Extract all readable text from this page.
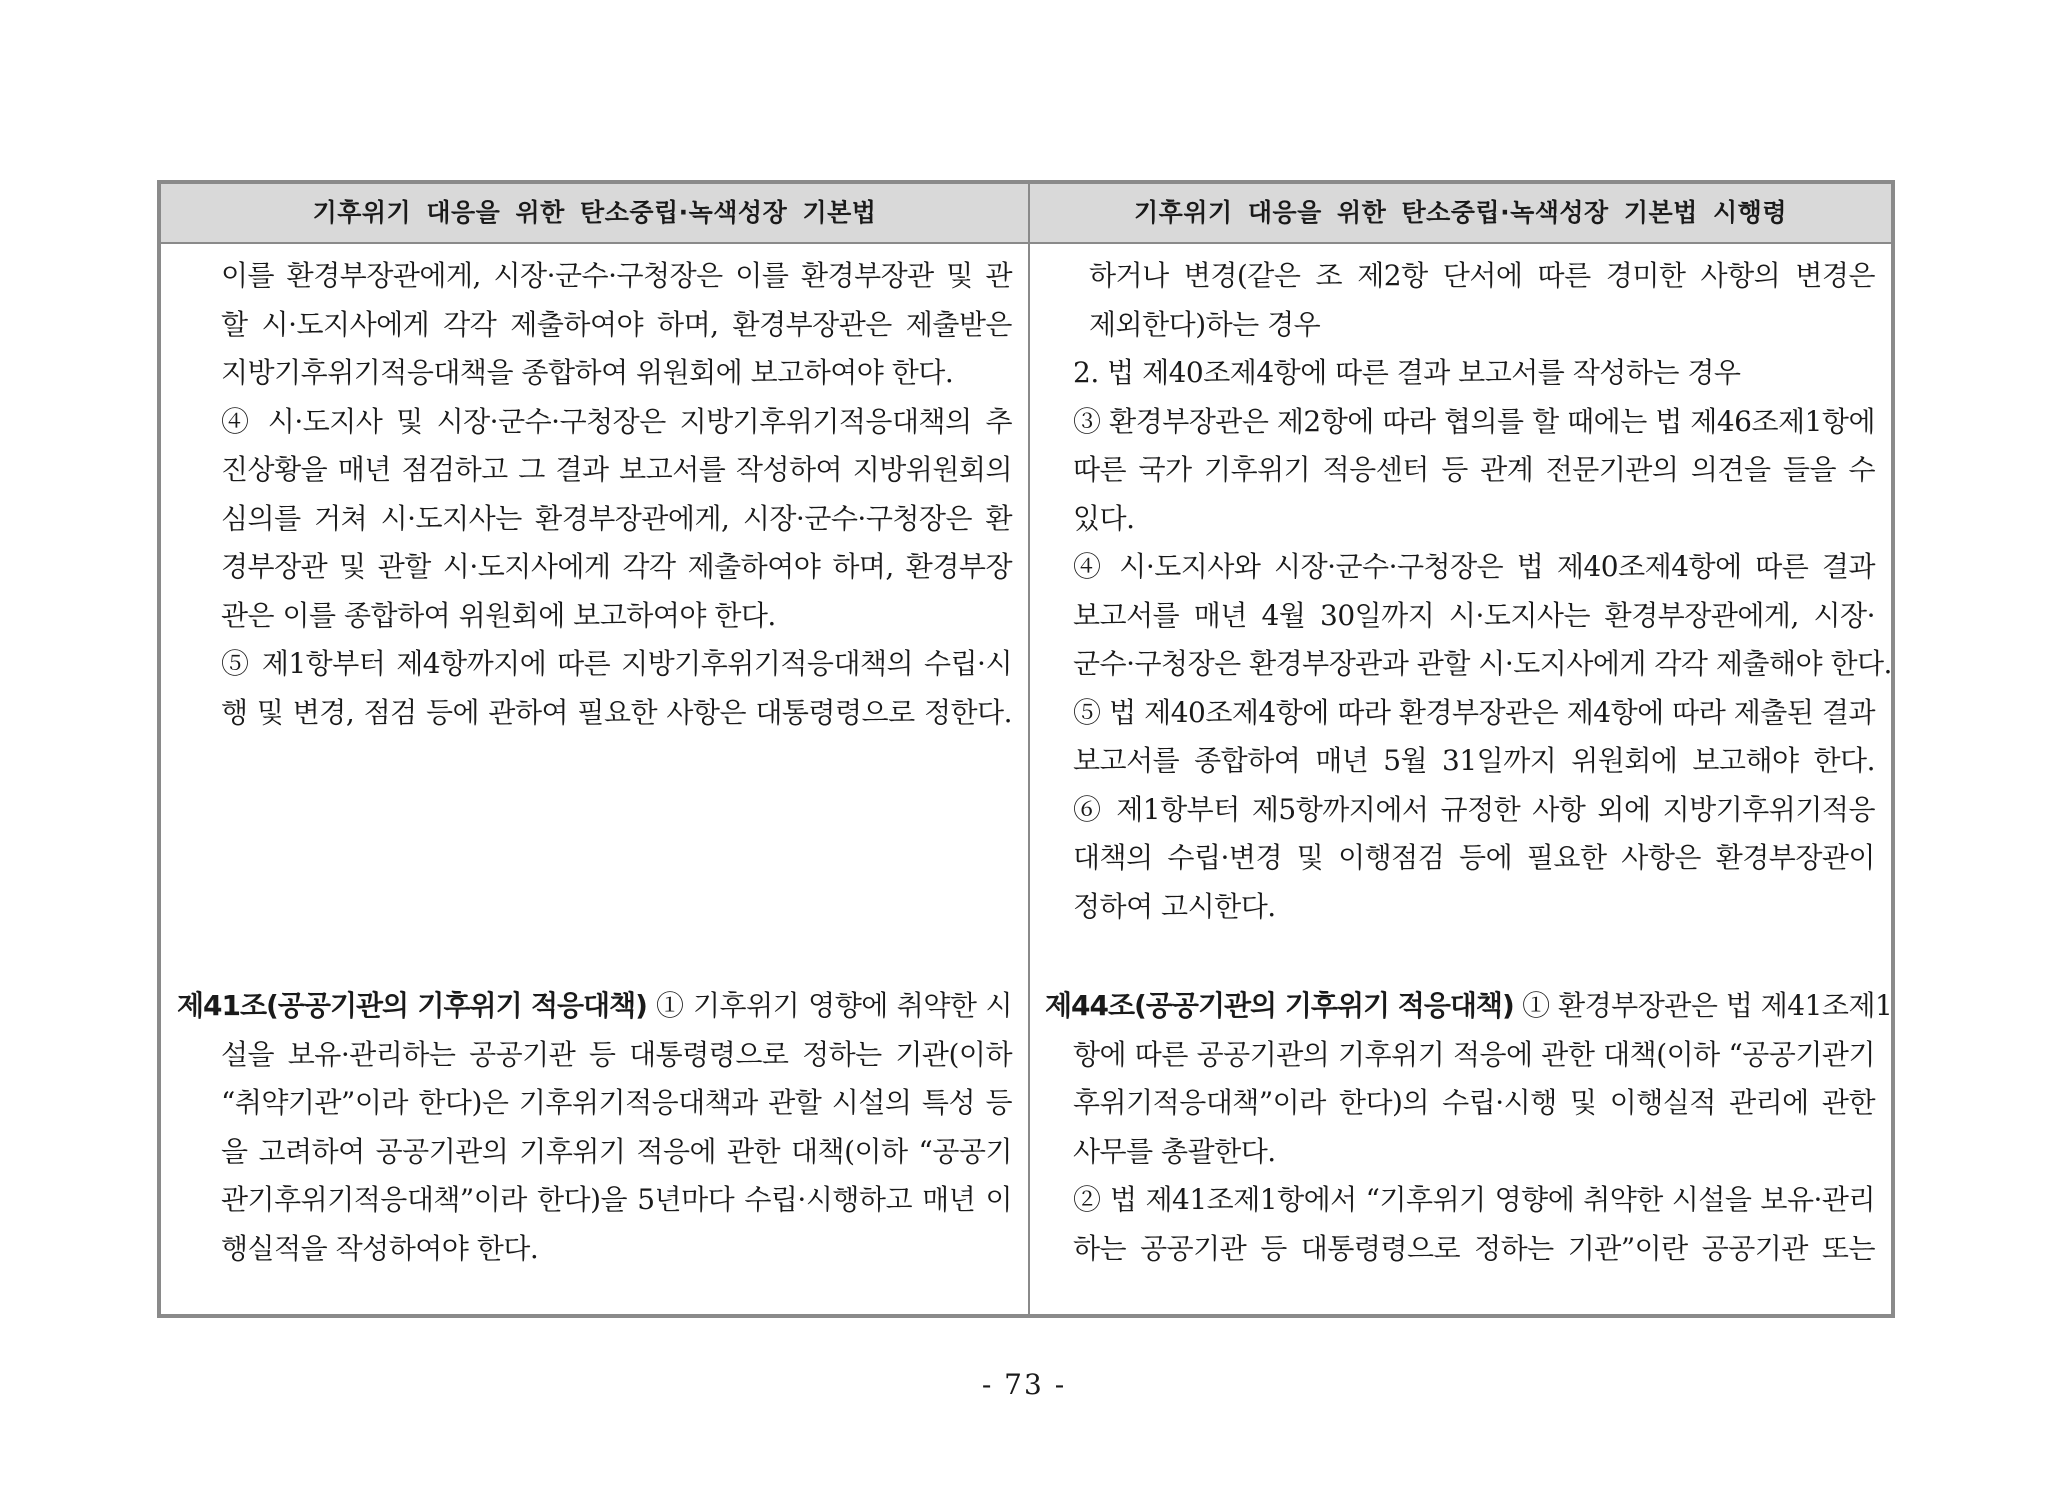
기후위기 대응을 위한 탄소중립·녹색성장 기본법	기후위기 대응을 위한 탄소중립·녹색성장 기본법 시행령
이를 환경부장관에게, 시장·군수·구청장은 이를 환경부장관 및 관
할 시·도지사에게 각각 제출하여야 하며, 환경부장관은 제출받은
지방기후위기적응대책을 종합하여 위원회에 보고하여야 한다.
④ 시·도지사 및 시장·군수·구청장은 지방기후위기적응대책의 추
진상황을 매년 점검하고 그 결과 보고서를 작성하여 지방위원회의
심의를 거쳐 시·도지사는 환경부장관에게, 시장·군수·구청장은 환
경부장관 및 관할 시·도지사에게 각각 제출하여야 하며, 환경부장
관은 이를 종합하여 위원회에 보고하여야 한다.
⑤ 제1항부터 제4항까지에 따른 지방기후위기적응대책의 수립·시
행 및 변경, 점검 등에 관하여 필요한 사항은 대통령령으로 정한다.
하거나 변경(같은 조 제2항 단서에 따른 경미한 사항의 변경은
제외한다)하는 경우
2. 법 제40조제4항에 따른 결과 보고서를 작성하는 경우
③ 환경부장관은 제2항에 따라 협의를 할 때에는 법 제46조제1항에
따른 국가 기후위기 적응센터 등 관계 전문기관의 의견을 들을 수
있다.
④ 시·도지사와 시장·군수·구청장은 법 제40조제4항에 따른 결과
보고서를 매년 4월 30일까지 시·도지사는 환경부장관에게, 시장·
군수·구청장은 환경부장관과 관할 시·도지사에게 각각 제출해야 한다.
⑤ 법 제40조제4항에 따라 환경부장관은 제4항에 따라 제출된 결과
보고서를 종합하여 매년 5월 31일까지 위원회에 보고해야 한다.
⑥ 제1항부터 제5항까지에서 규정한 사항 외에 지방기후위기적응
대책의 수립·변경 및 이행점검 등에 필요한 사항은 환경부장관이
정하여 고시한다.
제41조(공공기관의 기후위기 적응대책) ① 기후위기 영향에 취약한 시
설을 보유·관리하는 공공기관 등 대통령령으로 정하는 기관(이하
“취약기관”이라 한다)은 기후위기적응대책과 관할 시설의 특성 등
을 고려하여 공공기관의 기후위기 적응에 관한 대책(이하 “공공기
관기후위기적응대책”이라 한다)을 5년마다 수립·시행하고 매년 이
행실적을 작성하여야 한다.
제44조(공공기관의 기후위기 적응대책) ① 환경부장관은 법 제41조제1
항에 따른 공공기관의 기후위기 적응에 관한 대책(이하 “공공기관기
후위기적응대책”이라 한다)의 수립·시행 및 이행실적 관리에 관한
사무를 총괄한다.
② 법 제41조제1항에서 “기후위기 영향에 취약한 시설을 보유·관리
하는 공공기관 등 대통령령으로 정하는 기관”이란 공공기관 또는
- 73 -
